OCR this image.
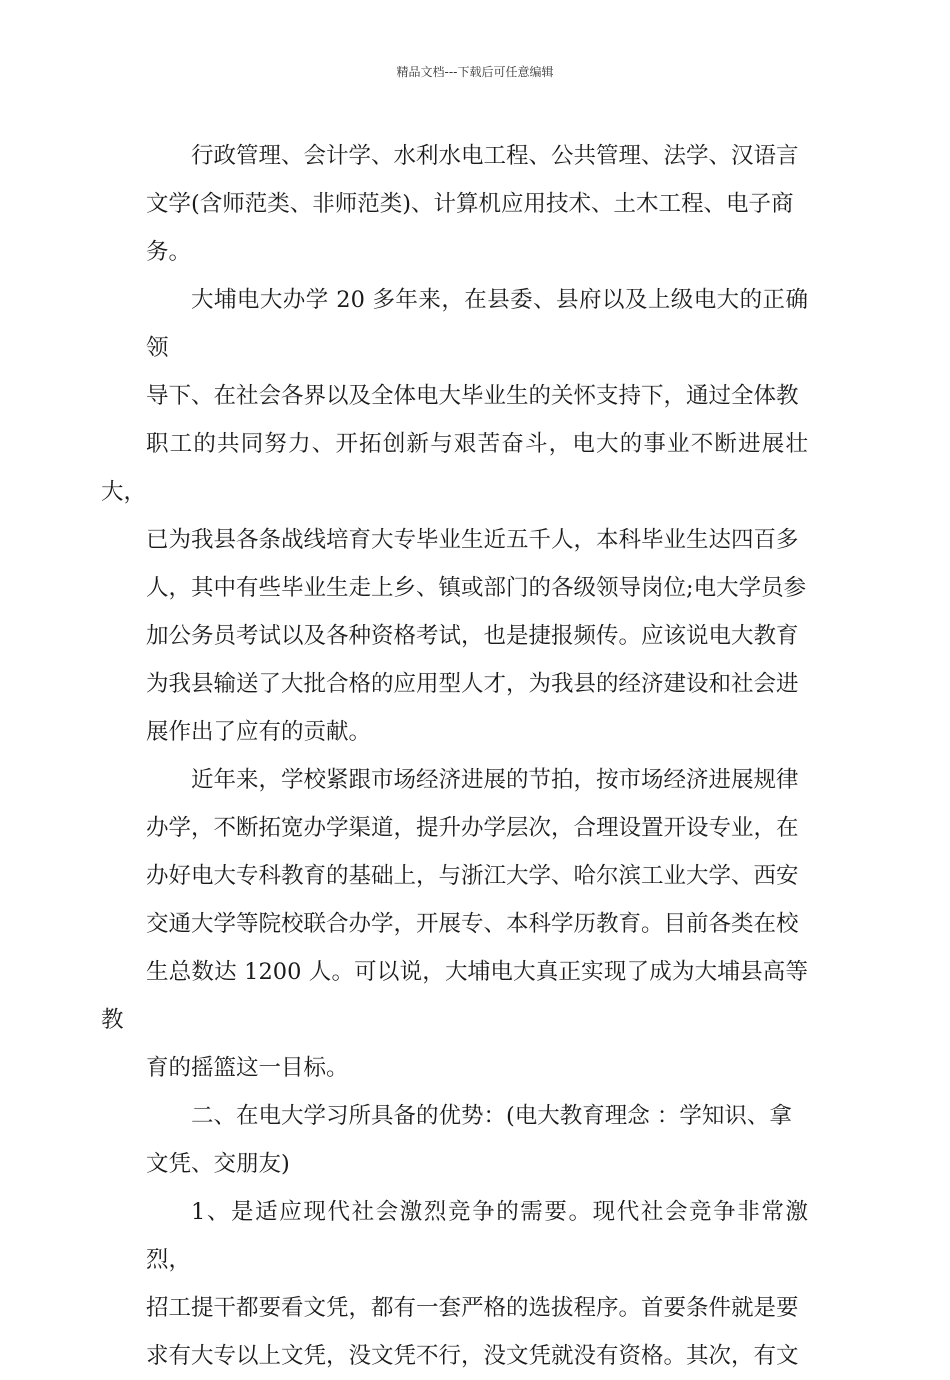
精品文档---下载后可任意编辑

行政管理、会计学、水利水电工程、公共管理、法学、汉语言
文学(含师范类、非师范类)、计算机应用技术、土木工程、电子商
务。

大埔电大办学 20 多年来，在县委、县府以及上级电大的正确领
导下、在社会各界以及全体电大毕业生的关怀支持下，通过全体教
职工的共同努力、开拓创新与艰苦奋斗，电大的事业不断进展壮大，
已为我县各条战线培育大专毕业生近五千人，本科毕业生达四百多
人，其中有些毕业生走上乡、镇或部门的各级领导岗位;电大学员参
加公务员考试以及各种资格考试，也是捷报频传。应该说电大教育
为我县输送了大批合格的应用型人才，为我县的经济建设和社会进
展作出了应有的贡献。

近年来，学校紧跟市场经济进展的节拍，按市场经济进展规律
办学，不断拓宽办学渠道，提升办学层次，合理设置开设专业，在
办好电大专科教育的基础上，与浙江大学、哈尔滨工业大学、西安
交通大学等院校联合办学，开展专、本科学历教育。目前各类在校
生总数达 1200 人。可以说，大埔电大真正实现了成为大埔县高等教
育的摇篮这一目标。

二、在电大学习所具备的优势：(电大教育理念 ：学知识、拿
文凭、交朋友)

1、是适应现代社会激烈竞争的需要。现代社会竞争非常激烈，
招工提干都要看文凭，都有一套严格的选拔程序。首要条件就是要
求有大专以上文凭，没文凭不行，没文凭就没有资格。其次，有文
